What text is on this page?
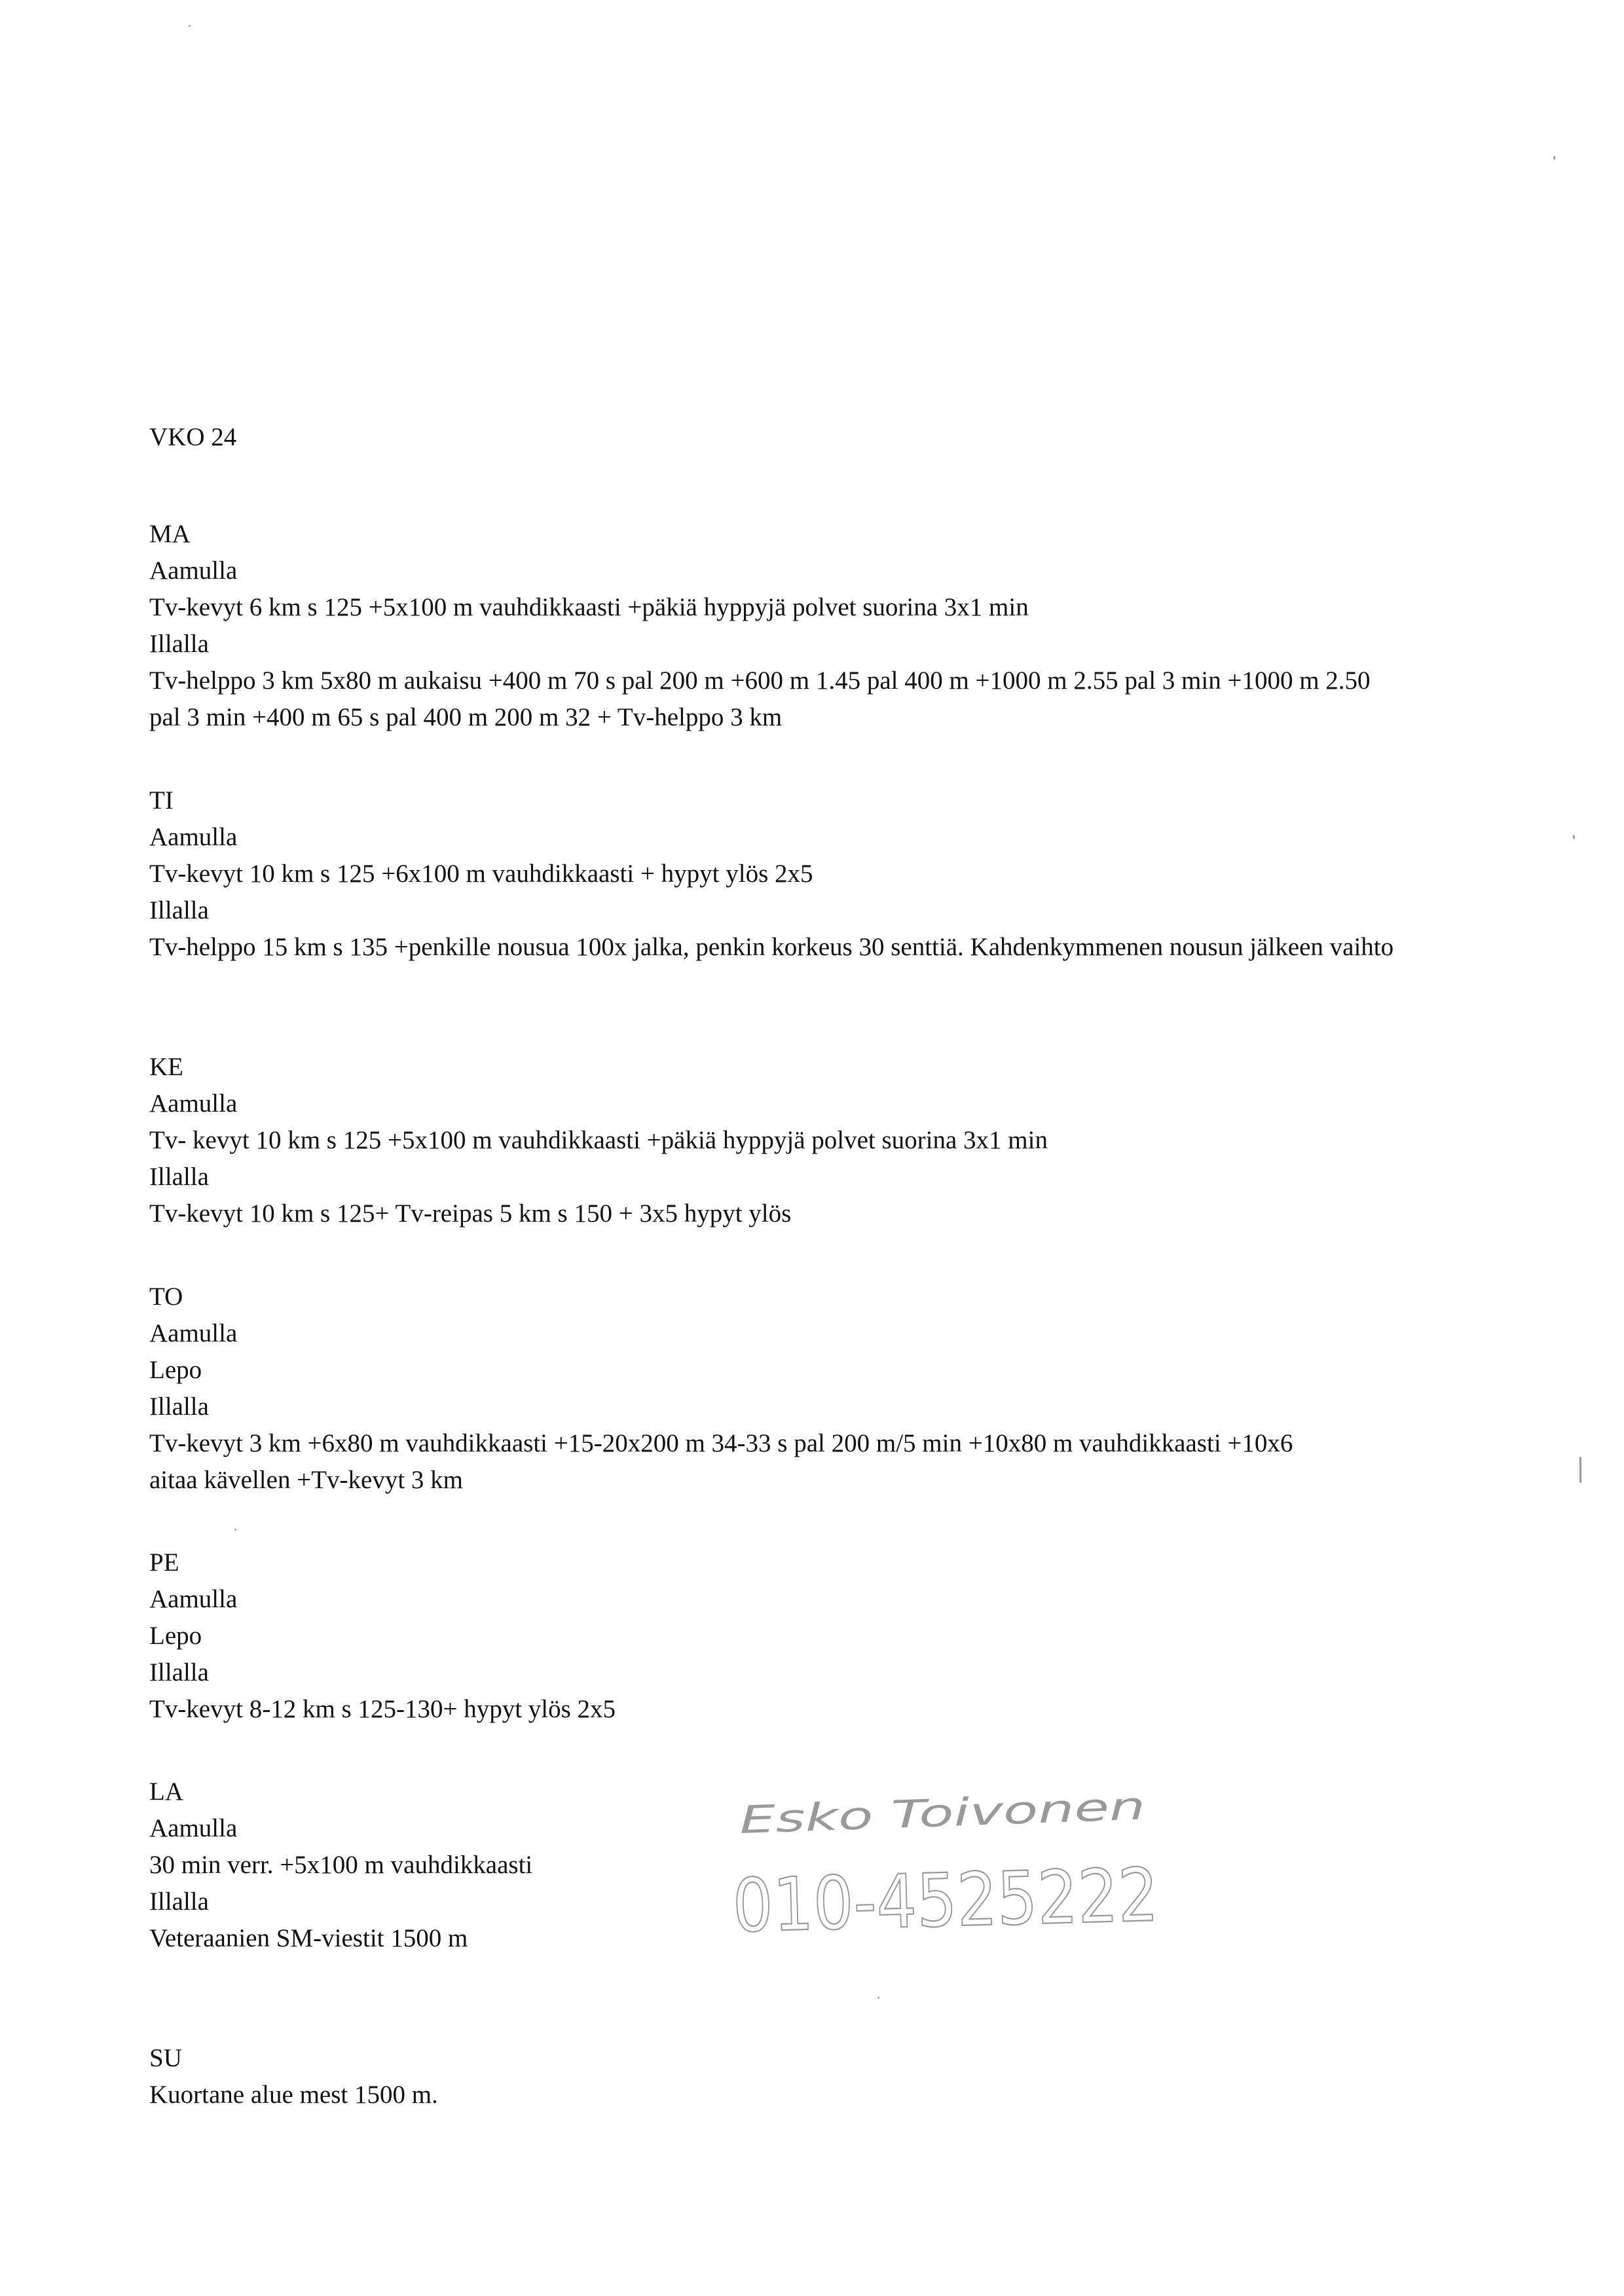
VKO 24

MA

Aamulla

Tv-kevyt 6 km s 125 +5x100 m vauhdikkaasti +päkiä hyppyjä polvet suorina 3x1 min

Illalla

Tv-helppo 3 km 5x80 m aukaisu +400 m 70 s pal 200 m +600 m 1.45 pal 400 m +1000 m 2.55 pal 3 min +1000 m 2.50 pal 3 min +400 m 65 s pal 400 m 200 m 32 + Tv-helppo 3 km

TI

Aamulla

Tv-kevyt 10 km s 125 +6x100 m vauhdikkaasti + hypyt ylös 2x5

Illalla

Tv-helppo 15 km s 135 +penkille nousua 100x jalka, penkin korkeus 30 senttiä. Kahdenkymmenen nousun jälkeen vaihto

KE

Aamulla

Tv- kevyt 10 km s 125 +5x100 m vauhdikkaasti +päkiä hyppyjä polvet suorina 3x1 min

Illalla

Tv-kevyt 10 km s 125+ Tv-reipas 5 km s 150 + 3x5 hypyt ylös

TO

Aamulla

Lepo

Illalla

Tv-kevyt 3 km +6x80 m vauhdikkaasti +15-20x200 m 34-33 s pal 200 m/5 min +10x80 m vauhdikkaasti +10x6 aitaa kävellen +Tv-kevyt 3 km

PE

Aamulla

Lepo

Illalla

Tv-kevyt 8-12 km s 125-130+ hypyt ylös 2x5

LA

Aamulla

30 min verr. +5x100 m vauhdikkaasti

Illalla

Veteraanien SM-viestit 1500 m

SU

Kuortane alue mest 1500 m.

Esko Toivonen
010-4525222
